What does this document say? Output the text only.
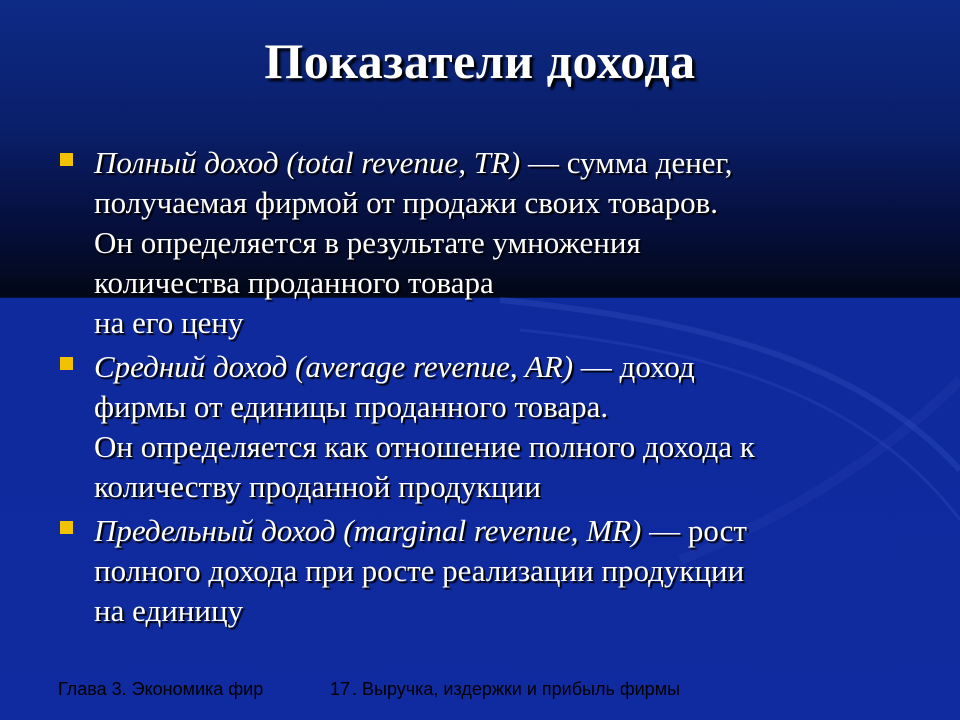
Показатели дохода
Полный доход (total revenue, TR) — сумма денег,
получаемая фирмой от продажи своих товаров.
Он определяется в результате умножения
количества проданного товара
на его цену
Средний доход (average revenue, AR) — доход
фирмы от единицы проданного товара.
Он определяется как отношение полного дохода к
количеству проданной продукции
Предельный доход (marginal revenue, MR) — рост
полного дохода при росте реализации продукции
на единицу
Глава 3. Экономика фир	17 . Выручка, издержки и прибыль фирмы
